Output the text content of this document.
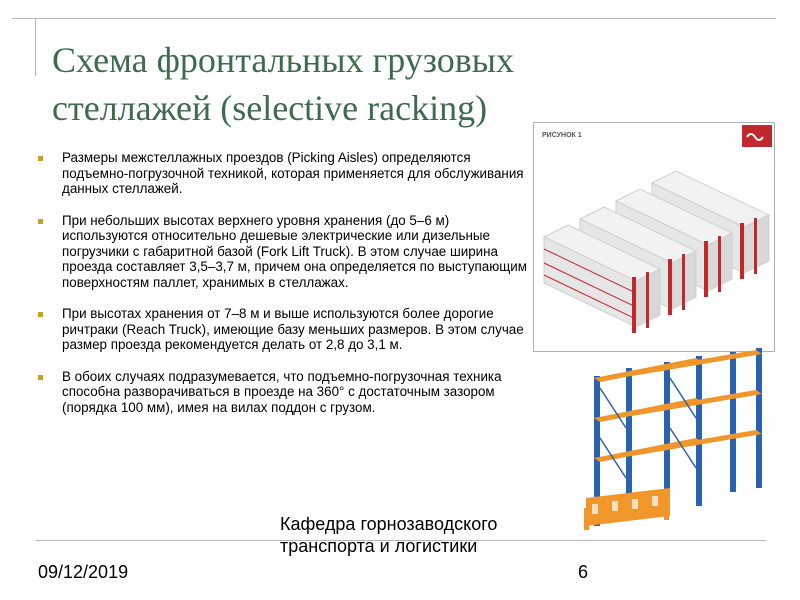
Схема фронтальных грузовых стеллажей (selective racking)
Размеры межстеллажных проездов (Picking Aisles) определяются подъемно-погрузочной техникой, которая применяется для обслуживания данных стеллажей.
При небольших высотах верхнего уровня хранения (до 5–6 м) используются относительно дешевые электрические или дизельные погрузчики с габаритной базой (Fork Lift Truck). В этом случае ширина проезда составляет 3,5–3,7 м, причем она определяется по выступающим поверхностям паллет, хранимых в стеллажах.
При высотах хранения от 7–8 м и выше используются более дорогие ричтраки (Reach Truck), имеющие базу меньших размеров. В этом случае размер проезда рекомендуется делать от 2,8 до 3,1 м.
В обоих случаях подразумевается, что подъемно-погрузочная техника способна разворачиваться в проезде на 360° с достаточным зазором (порядка 100 мм), имея на вилах поддон с грузом.
РИСУНОК 1
09/12/2019
Кафедра горнозаводского транспорта и логистики
6
